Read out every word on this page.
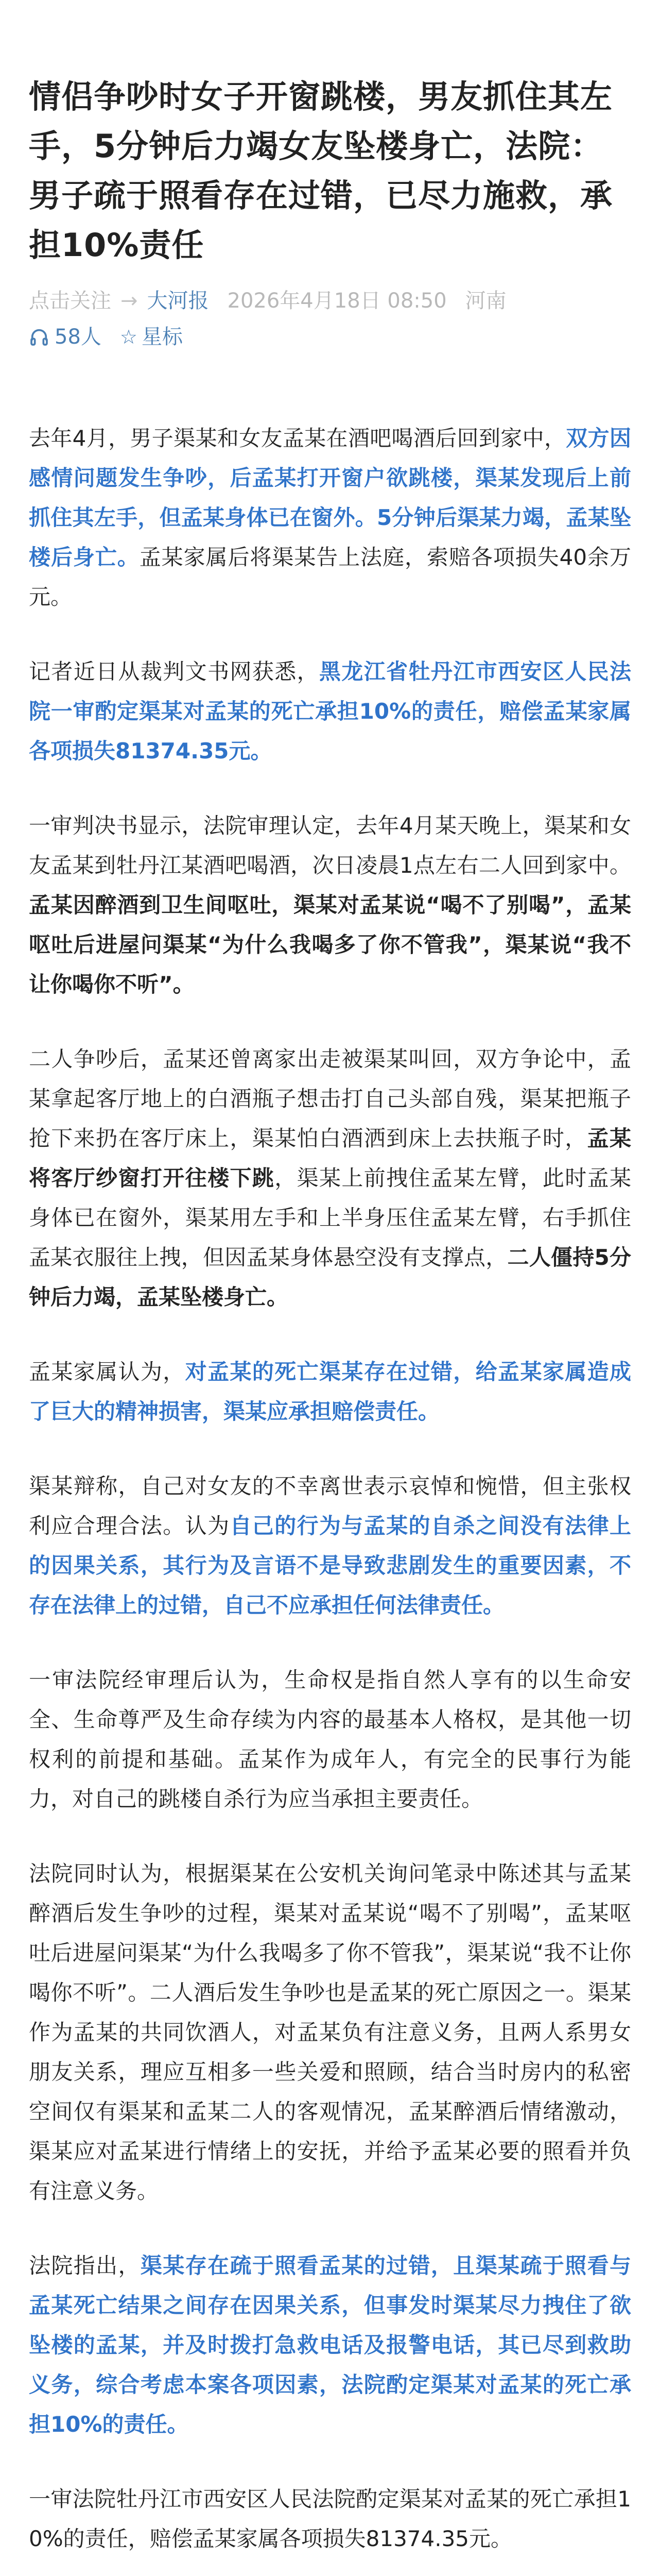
情侣争吵时女子开窗跳楼，男友抓住其左手，5分钟后力竭女友坠楼身亡，法院：男子疏于照看存在过错，已尽力施救，承担10%责任
点击关注 → 大河报 2026年4月18日 08:50 河南
58人 ☆ 星标

去年4月，男子渠某和女友孟某在酒吧喝酒后回到家中，双方因感情问题发生争吵，后孟某打开窗户欲跳楼，渠某发现后上前抓住其左手，但孟某身体已在窗外。5分钟后渠某力竭，孟某坠楼后身亡。孟某家属后将渠某告上法庭，索赔各项损失40余万元。

记者近日从裁判文书网获悉，黑龙江省牡丹江市西安区人民法院一审酌定渠某对孟某的死亡承担10%的责任，赔偿孟某家属各项损失81374.35元。

一审判决书显示，法院审理认定，去年4月某天晚上，渠某和女友孟某到牡丹江某酒吧喝酒，次日凌晨1点左右二人回到家中。孟某因醉酒到卫生间呕吐，渠某对孟某说“喝不了别喝”，孟某呕吐后进屋问渠某“为什么我喝多了你不管我”，渠某说“我不让你喝你不听”。

二人争吵后，孟某还曾离家出走被渠某叫回，双方争论中，孟某拿起客厅地上的白酒瓶子想击打自己头部自残，渠某把瓶子抢下来扔在客厅床上，渠某怕白酒洒到床上去扶瓶子时，孟某将客厅纱窗打开往楼下跳，渠某上前拽住孟某左臂，此时孟某身体已在窗外，渠某用左手和上半身压住孟某左臂，右手抓住孟某衣服往上拽，但因孟某身体悬空没有支撑点，二人僵持5分钟后力竭，孟某坠楼身亡。

孟某家属认为，对孟某的死亡渠某存在过错，给孟某家属造成了巨大的精神损害，渠某应承担赔偿责任。

渠某辩称，自己对女友的不幸离世表示哀悼和惋惜，但主张权利应合理合法。认为自己的行为与孟某的自杀之间没有法律上的因果关系，其行为及言语不是导致悲剧发生的重要因素，不存在法律上的过错，自己不应承担任何法律责任。

一审法院经审理后认为，生命权是指自然人享有的以生命安全、生命尊严及生命存续为内容的最基本人格权，是其他一切权利的前提和基础。孟某作为成年人，有完全的民事行为能力，对自己的跳楼自杀行为应当承担主要责任。

法院同时认为，根据渠某在公安机关询问笔录中陈述其与孟某醉酒后发生争吵的过程，渠某对孟某说“喝不了别喝”，孟某呕吐后进屋问渠某“为什么我喝多了你不管我”，渠某说“我不让你喝你不听”。二人酒后发生争吵也是孟某的死亡原因之一。渠某作为孟某的共同饮酒人，对孟某负有注意义务，且两人系男女朋友关系，理应互相多一些关爱和照顾，结合当时房内的私密空间仅有渠某和孟某二人的客观情况，孟某醉酒后情绪激动，渠某应对孟某进行情绪上的安抚，并给予孟某必要的照看并负有注意义务。

法院指出，渠某存在疏于照看孟某的过错，且渠某疏于照看与孟某死亡结果之间存在因果关系，但事发时渠某尽力拽住了欲坠楼的孟某，并及时拨打急救电话及报警电话，其已尽到救助义务，综合考虑本案各项因素，法院酌定渠某对孟某的死亡承担10%的责任。

一审法院牡丹江市西安区人民法院酌定渠某对孟某的死亡承担10%的责任，赔偿孟某家属各项损失81374.35元。
